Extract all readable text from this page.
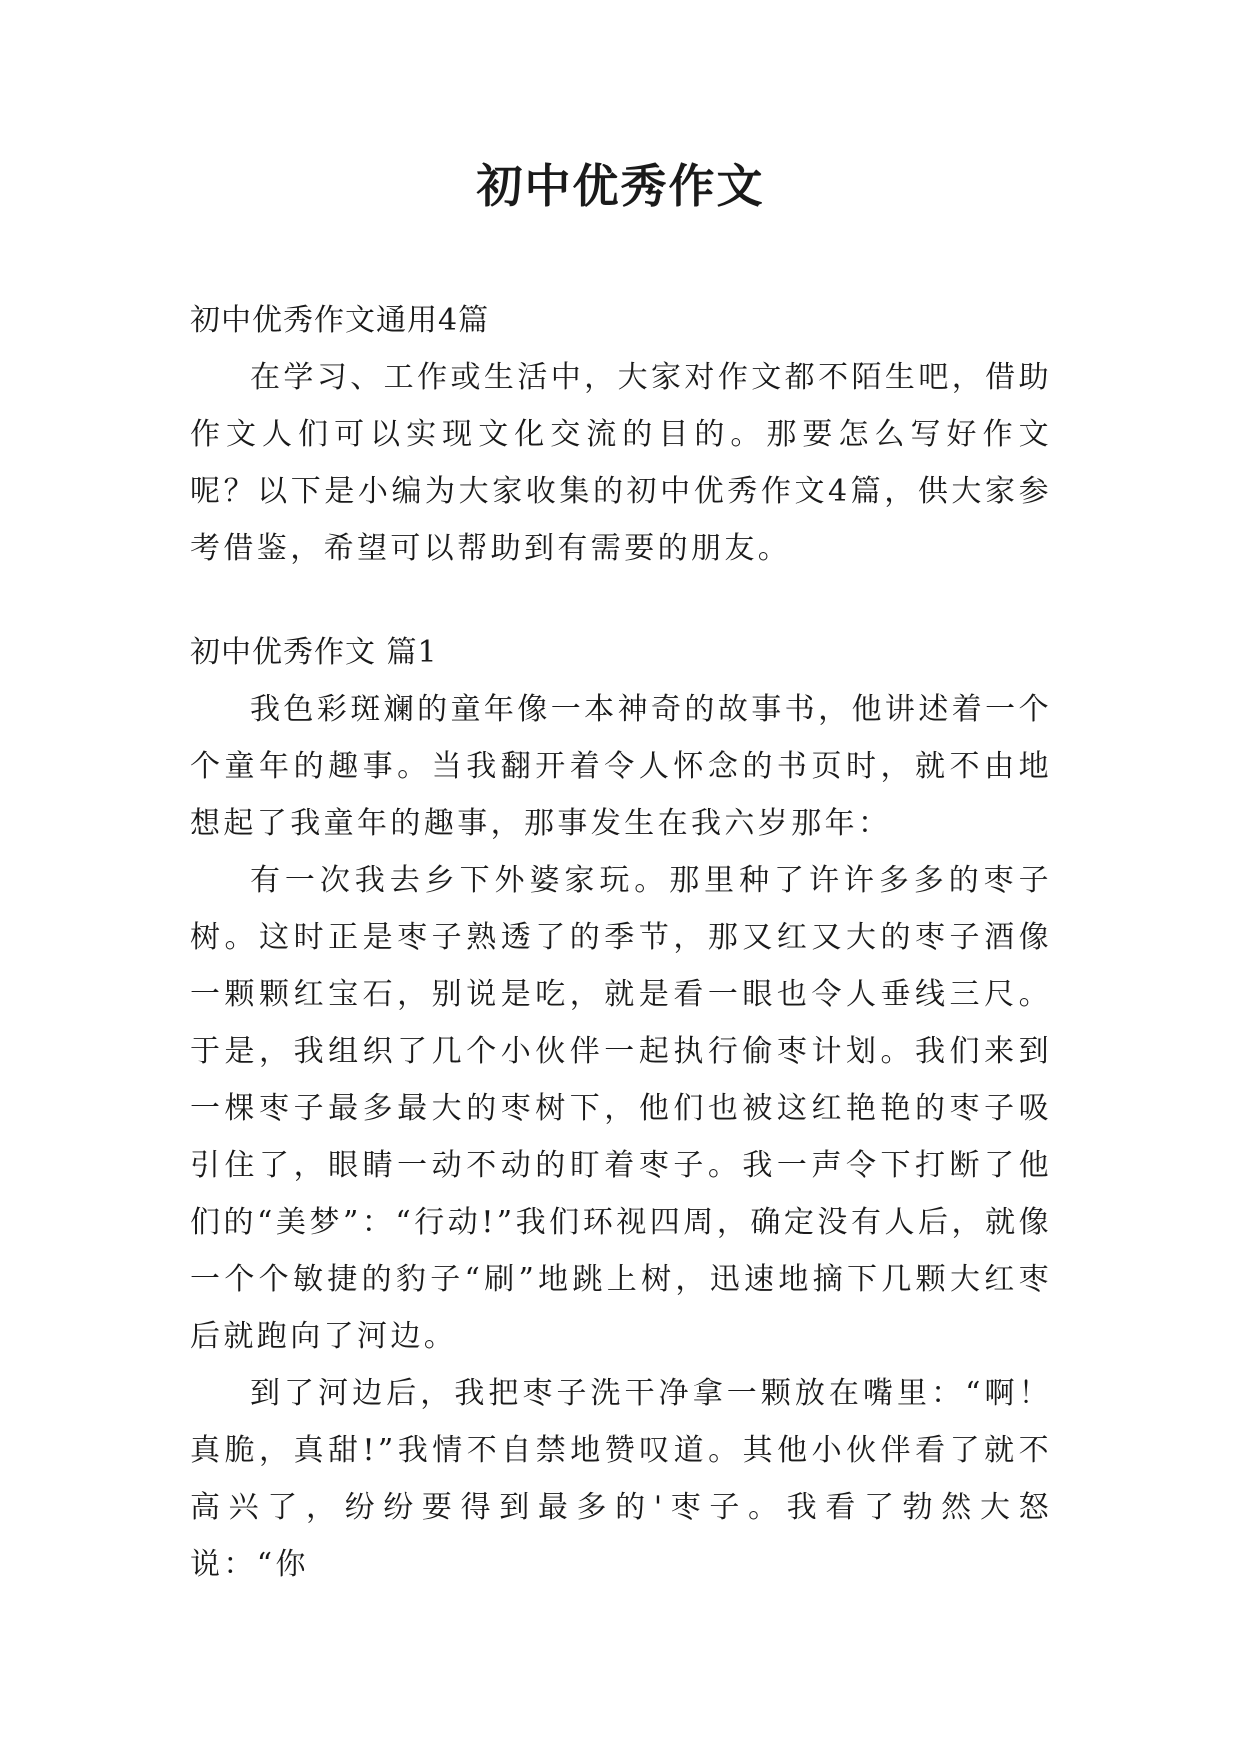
初中优秀作文

初中优秀作文通用4篇

在学习、工作或生活中，大家对作文都不陌生吧，借助作文人们可以实现文化交流的目的。那要怎么写好作文呢？以下是小编为大家收集的初中优秀作文4篇，供大家参考借鉴，希望可以帮助到有需要的朋友。

初中优秀作文 篇1

我色彩斑斓的童年像一本神奇的故事书，他讲述着一个个童年的趣事。当我翻开着令人怀念的书页时，就不由地想起了我童年的趣事，那事发生在我六岁那年：

有一次我去乡下外婆家玩。那里种了许许多多的枣子树。这时正是枣子熟透了的季节，那又红又大的枣子酒像一颗颗红宝石，别说是吃，就是看一眼也令人垂线三尺。于是，我组织了几个小伙伴一起执行偷枣计划。我们来到一棵枣子最多最大的枣树下，他们也被这红艳艳的枣子吸引住了，眼睛一动不动的盯着枣子。我一声令下打断了他们的“美梦”：“行动!”我们环视四周，确定没有人后，就像一个个敏捷的豹子“刷”地跳上树，迅速地摘下几颗大红枣后就跑向了河边。

到了河边后，我把枣子洗干净拿一颗放在嘴里：“啊！真脆，真甜!”我情不自禁地赞叹道。其他小伙伴看了就不高兴了，纷纷要得到最多的'枣子。我看了勃然大怒说：“你
